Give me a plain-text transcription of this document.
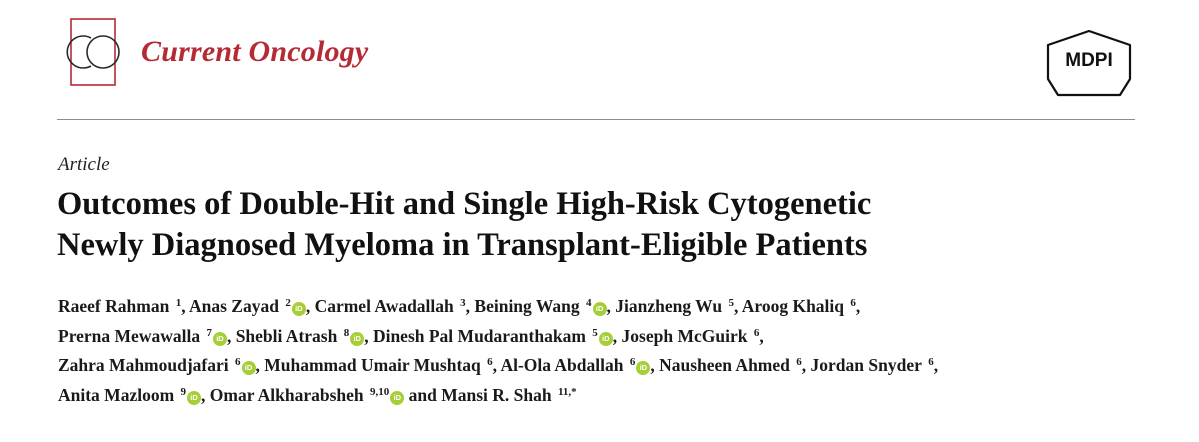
Current Oncology	MDPI
Article
Outcomes of Double-Hit and Single High-Risk Cytogenetic
Newly Diagnosed Myeloma in Transplant-Eligible Patients
Raeef Rahman $^1$, Anas Zayad $^2$ iD , Carmel Awadallah $^3$, Beining Wang $^4$ iD , Jianzheng Wu $^5$, Aroog Khaliq $^6$,
Prerna Mewawalla $^7$ iD , Shebli Atrash $^8$ iD , Dinesh Pal Mudaranthakam $^5$ iD , Joseph McGuirk $^6$,
Zahra Mahmoudjafari $^6$ iD , Muhammad Umair Mushtaq $^6$, Al-Ola Abdallah $^6$ iD , Nausheen Ahmed $^6$, Jordan Snyder $^6$,
Anita Mazloom $^9$ iD , Omar Alkharabsheh $^{9,10}$ iD and Mansi R. Shah $^{11,*}$
